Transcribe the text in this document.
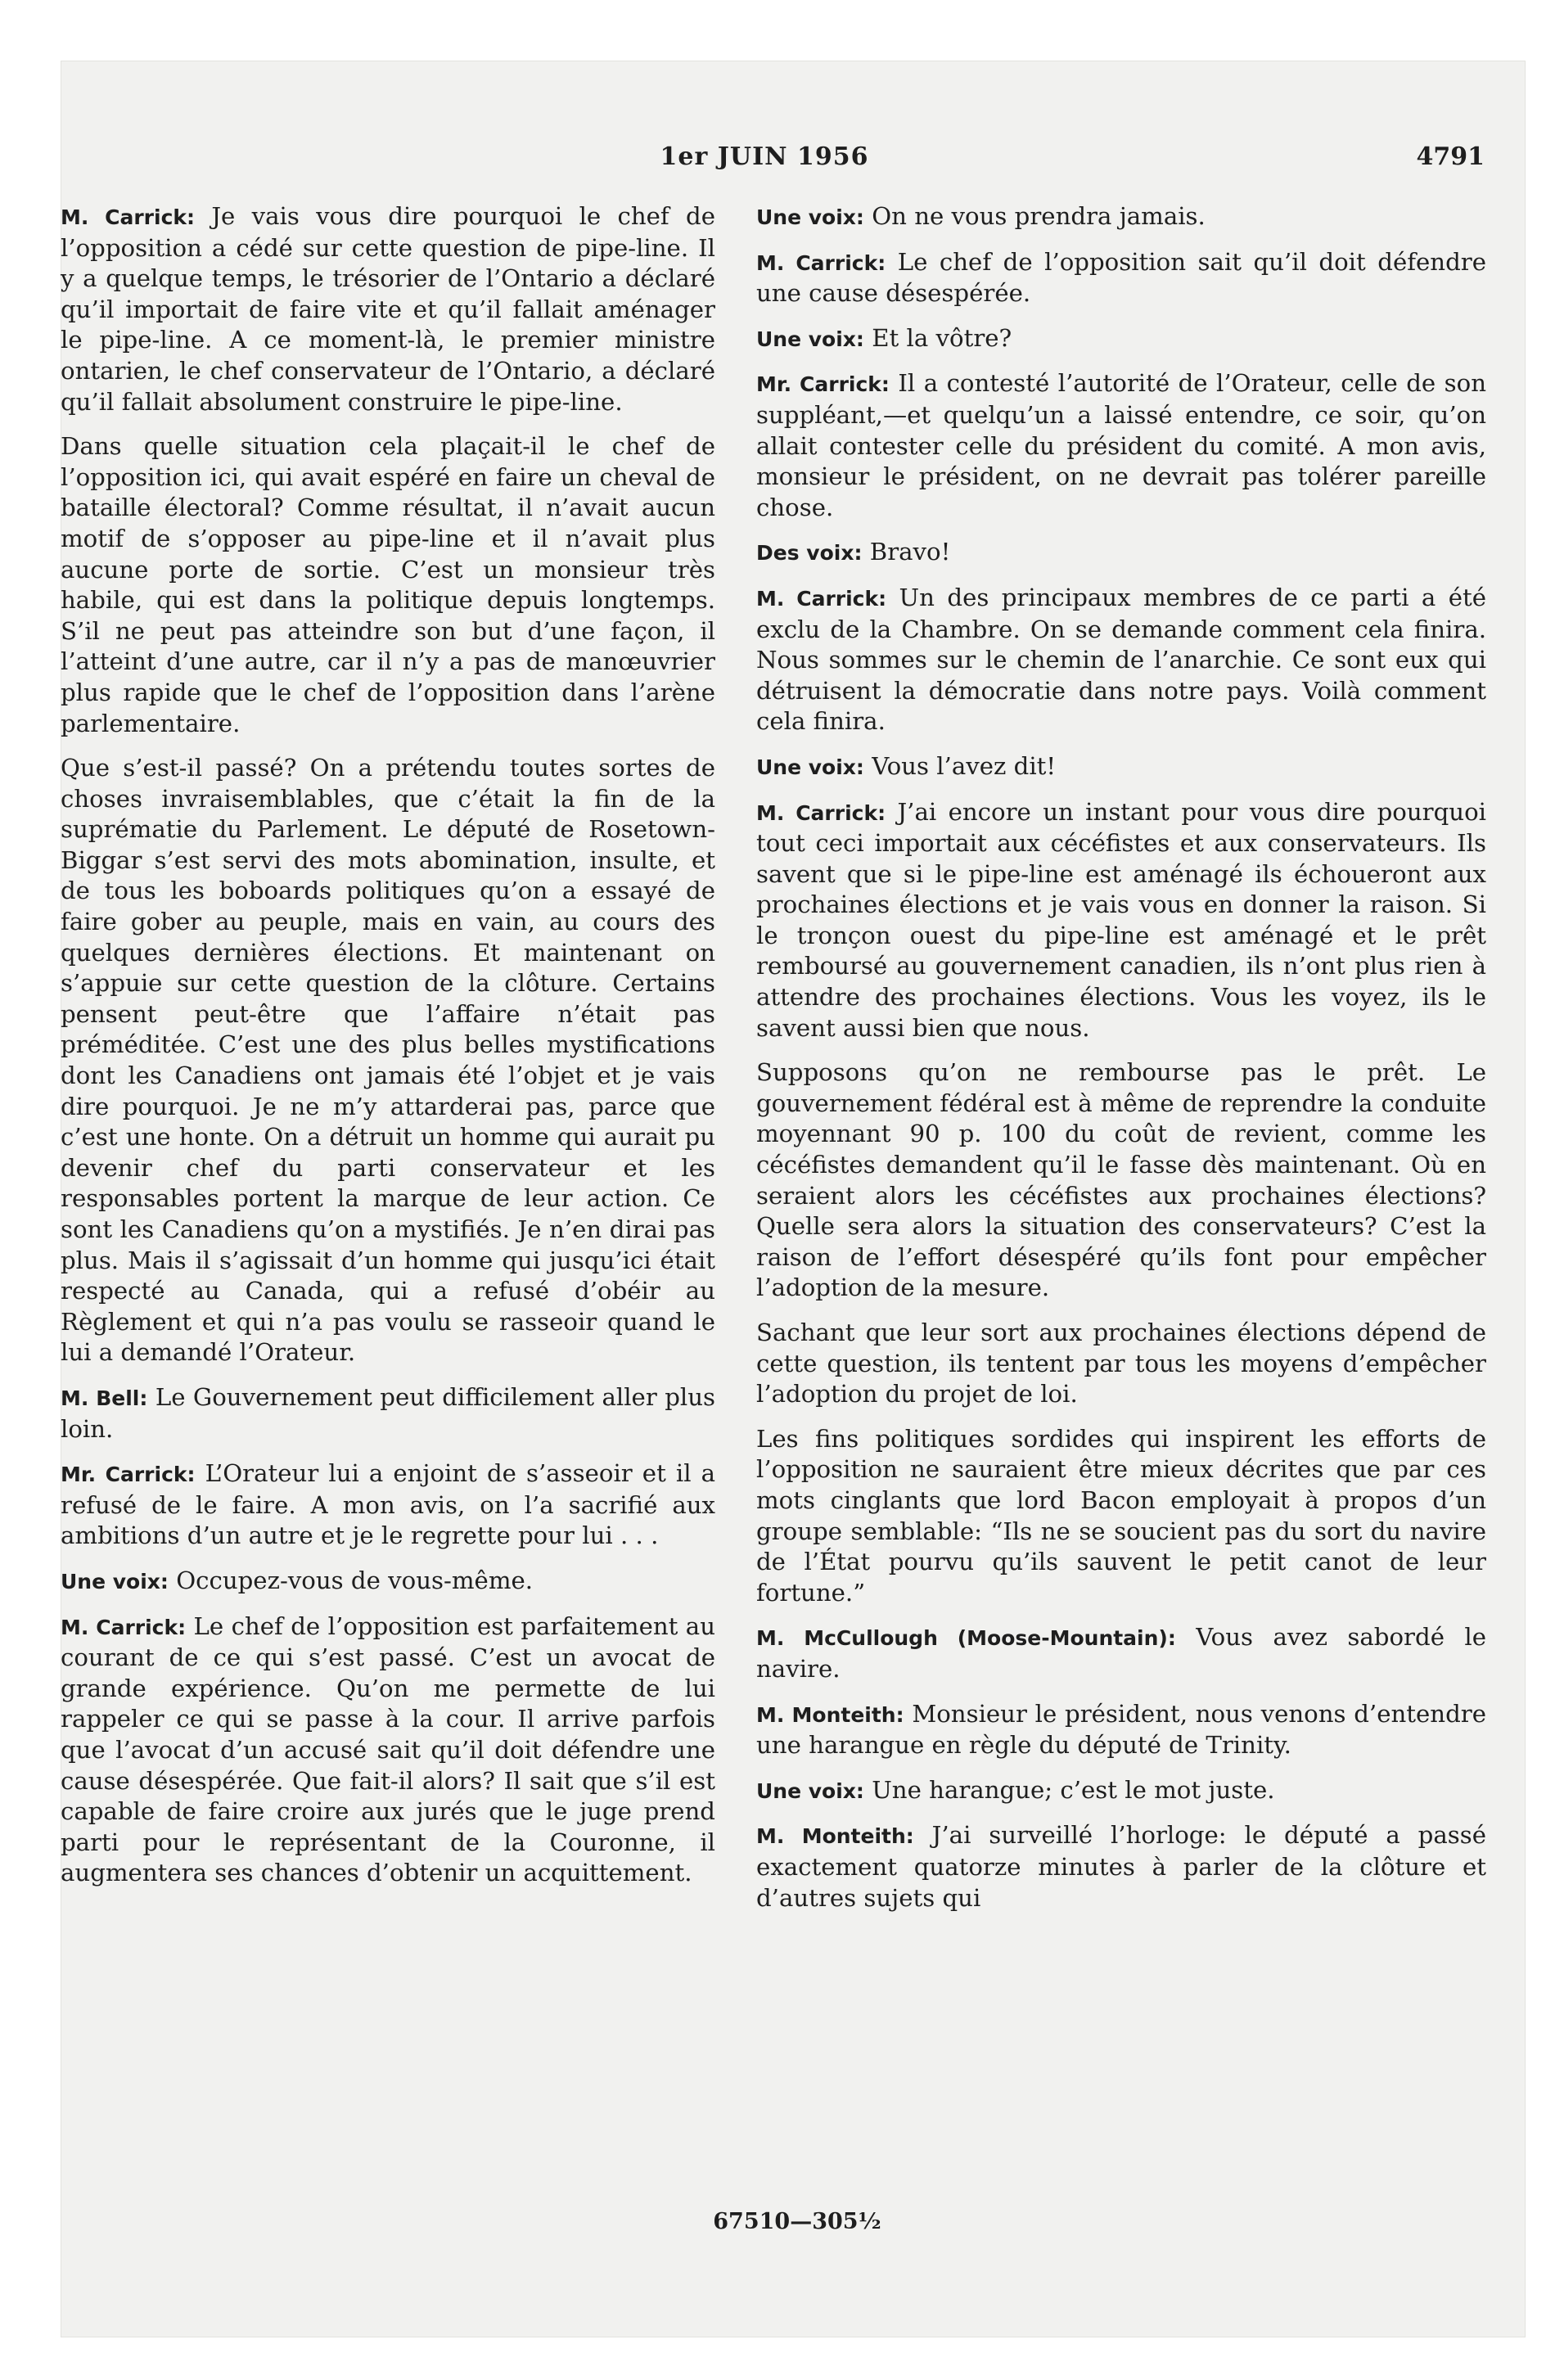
1er JUIN 1956	4791

M. Carrick: Je vais vous dire pourquoi le chef de l’opposition a cédé sur cette question de pipe-line. Il y a quelque temps, le trésorier de l’Ontario a déclaré qu’il importait de faire vite et qu’il fallait aménager le pipe-line. A ce moment-là, le premier ministre ontarien, le chef conservateur de l’Ontario, a déclaré qu’il fallait absolument construire le pipe-line.

Dans quelle situation cela plaçait-il le chef de l’opposition ici, qui avait espéré en faire un cheval de bataille électoral? Comme résultat, il n’avait aucun motif de s’opposer au pipe-line et il n’avait plus aucune porte de sortie. C’est un monsieur très habile, qui est dans la politique depuis longtemps. S’il ne peut pas atteindre son but d’une façon, il l’atteint d’une autre, car il n’y a pas de manœuvrier plus rapide que le chef de l’opposition dans l’arène parlementaire.

Que s’est-il passé? On a prétendu toutes sortes de choses invraisemblables, que c’était la fin de la suprématie du Parlement. Le député de Rosetown-Biggar s’est servi des mots abomination, insulte, et de tous les boboards politiques qu’on a essayé de faire gober au peuple, mais en vain, au cours des quelques dernières élections. Et maintenant on s’appuie sur cette question de la clôture. Certains pensent peut-être que l’affaire n’était pas préméditée. C’est une des plus belles mystifications dont les Canadiens ont jamais été l’objet et je vais dire pourquoi. Je ne m’y attarderai pas, parce que c’est une honte. On a détruit un homme qui aurait pu devenir chef du parti conservateur et les responsables portent la marque de leur action. Ce sont les Canadiens qu’on a mystifiés. Je n’en dirai pas plus. Mais il s’agissait d’un homme qui jusqu’ici était respecté au Canada, qui a refusé d’obéir au Règlement et qui n’a pas voulu se rasseoir quand le lui a demandé l’Orateur.

M. Bell: Le Gouvernement peut difficilement aller plus loin.

Mr. Carrick: L’Orateur lui a enjoint de s’asseoir et il a refusé de le faire. A mon avis, on l’a sacrifié aux ambitions d’un autre et je le regrette pour lui . . .

Une voix: Occupez-vous de vous-même.

M. Carrick: Le chef de l’opposition est parfaitement au courant de ce qui s’est passé. C’est un avocat de grande expérience. Qu’on me permette de lui rappeler ce qui se passe à la cour. Il arrive parfois que l’avocat d’un accusé sait qu’il doit défendre une cause désespérée. Que fait-il alors? Il sait que s’il est capable de faire croire aux jurés que le juge prend parti pour le représentant de la Couronne, il augmentera ses chances d’obtenir un acquittement.

Une voix: On ne vous prendra jamais.

M. Carrick: Le chef de l’opposition sait qu’il doit défendre une cause désespérée.

Une voix: Et la vôtre?

Mr. Carrick: Il a contesté l’autorité de l’Orateur, celle de son suppléant,—et quelqu’un a laissé entendre, ce soir, qu’on allait contester celle du président du comité. A mon avis, monsieur le président, on ne devrait pas tolérer pareille chose.

Des voix: Bravo!

M. Carrick: Un des principaux membres de ce parti a été exclu de la Chambre. On se demande comment cela finira. Nous sommes sur le chemin de l’anarchie. Ce sont eux qui détruisent la démocratie dans notre pays. Voilà comment cela finira.

Une voix: Vous l’avez dit!

M. Carrick: J’ai encore un instant pour vous dire pourquoi tout ceci importait aux cécéfistes et aux conservateurs. Ils savent que si le pipe-line est aménagé ils échoueront aux prochaines élections et je vais vous en donner la raison. Si le tronçon ouest du pipe-line est aménagé et le prêt remboursé au gouvernement canadien, ils n’ont plus rien à attendre des prochaines élections. Vous les voyez, ils le savent aussi bien que nous.

Supposons qu’on ne rembourse pas le prêt. Le gouvernement fédéral est à même de reprendre la conduite moyennant 90 p. 100 du coût de revient, comme les cécéfistes demandent qu’il le fasse dès maintenant. Où en seraient alors les cécéfistes aux prochaines élections? Quelle sera alors la situation des conservateurs? C’est la raison de l’effort désespéré qu’ils font pour empêcher l’adoption de la mesure.

Sachant que leur sort aux prochaines élections dépend de cette question, ils tentent par tous les moyens d’empêcher l’adoption du projet de loi.

Les fins politiques sordides qui inspirent les efforts de l’opposition ne sauraient être mieux décrites que par ces mots cinglants que lord Bacon employait à propos d’un groupe semblable: “Ils ne se soucient pas du sort du navire de l’État pourvu qu’ils sauvent le petit canot de leur fortune.”

M. McCullough (Moose-Mountain): Vous avez sabordé le navire.

M. Monteith: Monsieur le président, nous venons d’entendre une harangue en règle du député de Trinity.

Une voix: Une harangue; c’est le mot juste.

M. Monteith: J’ai surveillé l’horloge: le député a passé exactement quatorze minutes à parler de la clôture et d’autres sujets qui

67510—305½
